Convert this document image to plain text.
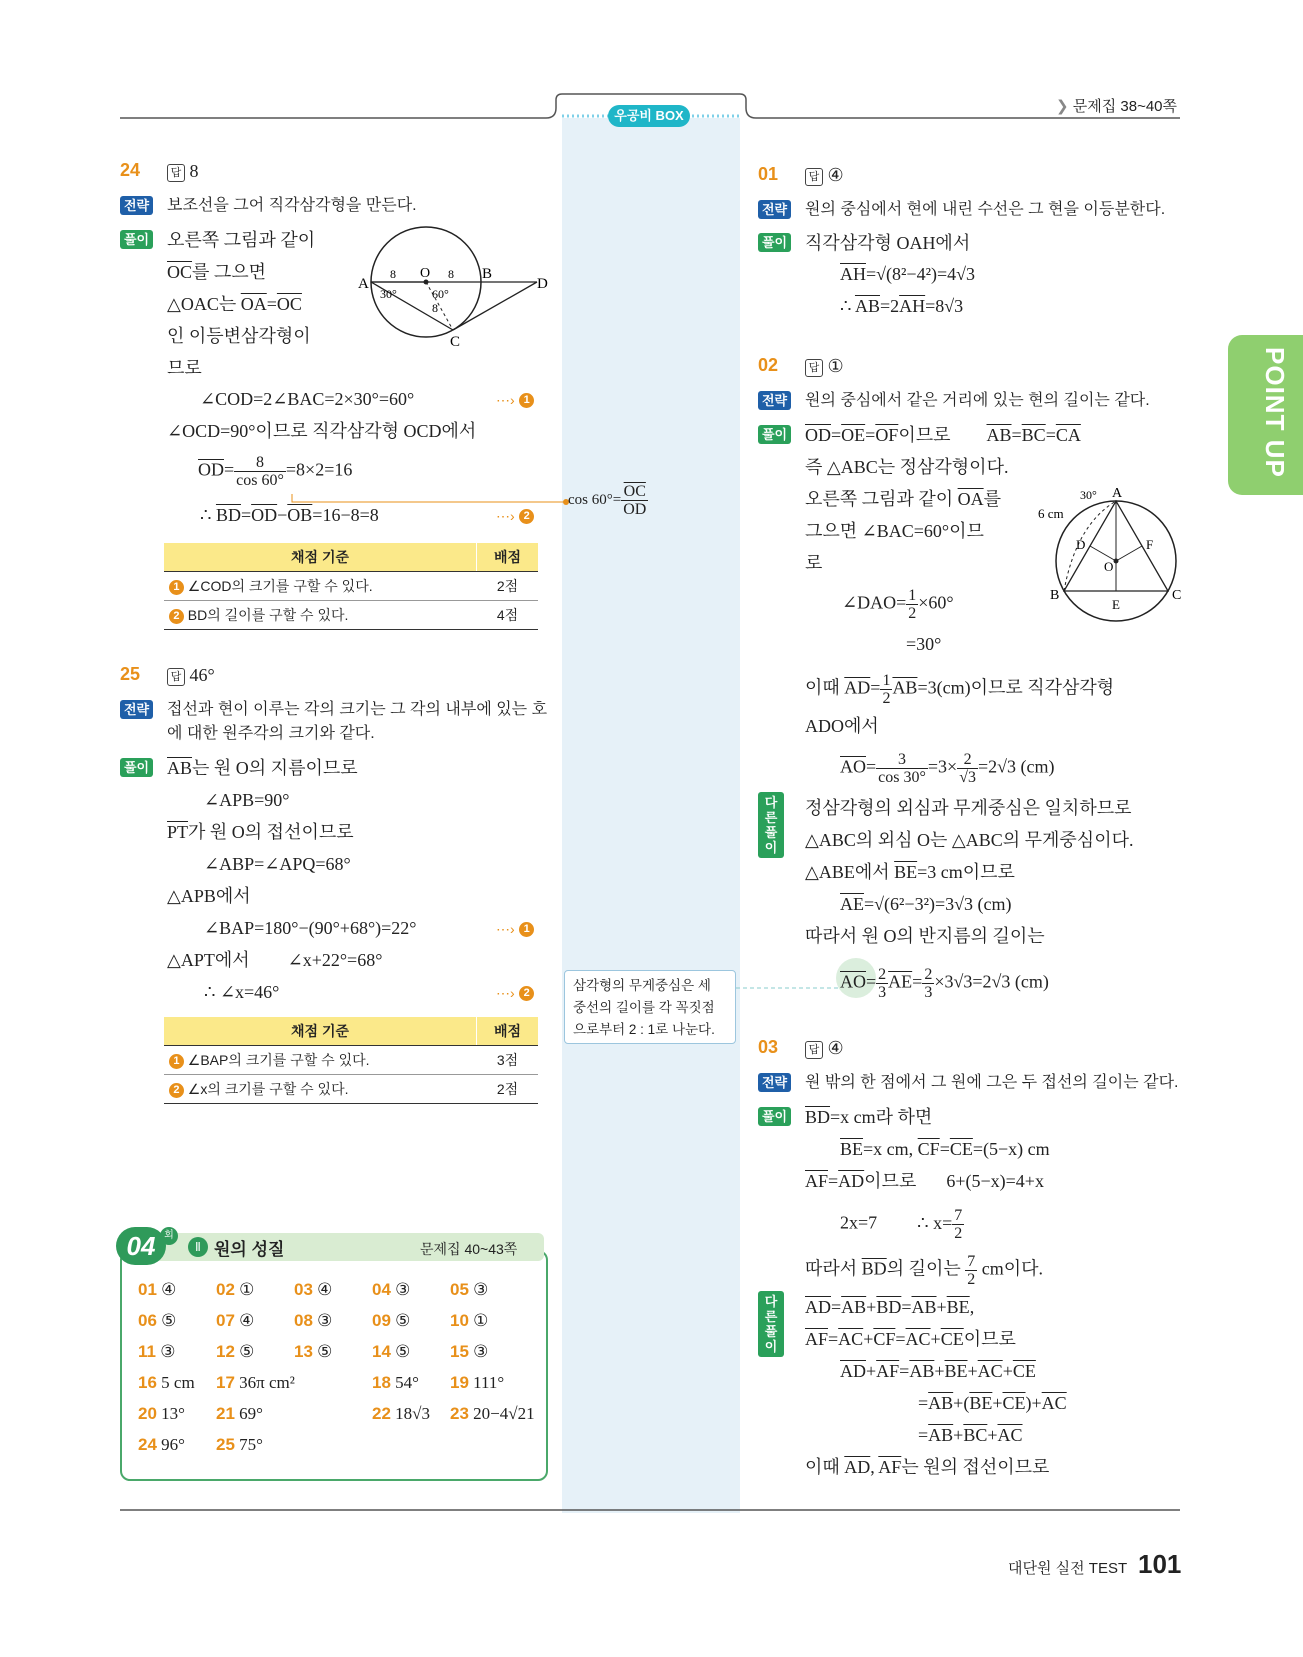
우공비 BOX
❯ 문제집 38~40쪽
POINT UP
24	답 8
전략 보조선을 그어 직각삼각형을 만든다.
풀이 오른쪽 그림과 같이
$\overline{OC}$를 그으면
△OAC는 $\overline{OA}=\overline{OC}$
인 이등변삼각형이
므로
A
B
C
D
O
8	8
8
30°	60°
∠COD=2∠BAC=2×30°=60°	⋯› 1
∠OCD=90°이므로 직각삼각형 OCD에서
$\overline{OD}= \frac{8}{\cos 60^\circ} =8\times 2=16$
∴ $\overline{BD}=\overline{OD}-\overline{OB}=16-8=8$	⋯› 2
$\cos 60^\circ= \frac{\overline{OC}}{OD}$
채점 기준	배점
1 ∠COD의 크기를 구할 수 있다.	2점
2 BD의 길이를 구할 수 있다.	4점
25	답 46°
전략 접선과 현이 이루는 각의 크기는 그 각의 내부에 있는 호
에 대한 원주각의 크기와 같다.
풀이 $\overline{AB}$는 원 O의 지름이므로
∠APB=90°
$\overline{PT}$가 원 O의 접선이므로
∠ABP=∠APQ=68°
△APB에서
∠BAP=180°−(90°+68°)=22°	⋯› 1
△APT에서 ∠x+22°=68°
∴ ∠x=46°	⋯› 2
채점 기준	배점
1 ∠BAP의 크기를 구할 수 있다.	3점
2 ∠x의 크기를 구할 수 있다.	2점
삼각형의 무게중심은 세
중선의 길이를 각 꼭짓점
으로부터 2 : 1로 나눈다.
04 회
Ⅱ 원의 성질	문제집 40~43쪽
01 ④ 02 ① 03 ④ 04 ③ 05 ③
06 ⑤ 07 ④ 08 ③ 09 ⑤ 10 ①
11 ③ 12 ⑤ 13 ⑤ 14 ⑤ 15 ③
16 5 cm 17 36π cm²	18 54° 19 111°
20 13° 21 69°	22 18√3 23 20−4√21
24 96° 25 75°
01	답 ④
전략 원의 중심에서 현에 내린 수선은 그 현을 이등분한다.
풀이 직각삼각형 OAH에서
$\overline{AH}=√(8^2-4^2)=4√3$
∴ $\overline{AB}=2\overline{AH}=8√3$
02	답 ①
전략 원의 중심에서 같은 거리에 있는 현의 길이는 같다.
풀이 $\overline{OD}=\overline{OE}=\overline{OF}$이므로 $\overline{AB}=\overline{BC}=\overline{CA}$
즉 △ABC는 정삼각형이다.
오른쪽 그림과 같이 $\overline{OA}$를
그으면 ∠BAC=60°이므
로
∠DAO= $\frac{1}{2} \times 60^\circ$
=30°
이때 $\overline{AD}= \frac{1}{2} \overline{AB}=3(cm)$이므로 직각삼각형
ADO에서
$\overline{AO}= \frac{3}{\cos 30^\circ} =3\times \frac{2}{√3} =2√3$ (cm)
A
B	C
D
E
F
O
6 cm
30°
다른
풀이
정삼각형의 외심과 무게중심은 일치하므로
△ABC의 외심 O는 △ABC의 무게중심이다.
△ABE에서 $\overline{BE}=3$ cm이므로
$\overline{AE}=√(6^2-3^2)=3√3$ (cm)
따라서 원 O의 반지름의 길이는
$\overline{AO}= \frac{2}{3} \overline{AE}= \frac{2}{3} \times 3√3=2√3$ (cm)
03	답 ④
전략 원 밖의 한 점에서 그 원에 그은 두 접선의 길이는 같다.
풀이 $\overline{BD}=x$ cm라 하면
$\overline{BE}=x$ cm, $\overline{CF}=\overline{CE}=(5-x)$ cm
$\overline{AF}=\overline{AD}$이므로 6+(5−x)=4+x
2x=7 ∴ $x= \frac{7}{2}$
따라서 $\overline{BD}$의 길이는 $\frac{7}{2}$ cm이다.
다른
풀이
$\overline{AD}=\overline{AB}+\overline{BD}=\overline{AB}+\overline{BE}$,
$\overline{AF}=\overline{AC}+\overline{CF}=\overline{AC}+\overline{CE}$이므로
$\overline{AD}+\overline{AF}=\overline{AB}+\overline{BE}+\overline{AC}+\overline{CE}$
$=\overline{AB}+(\overline{BE}+\overline{CE})+\overline{AC}$
$=\overline{AB}+\overline{BC}+\overline{AC}$
이때 $\overline{AD}$, $\overline{AF}$는 원의 접선이므로
대단원 실전 TEST 101
